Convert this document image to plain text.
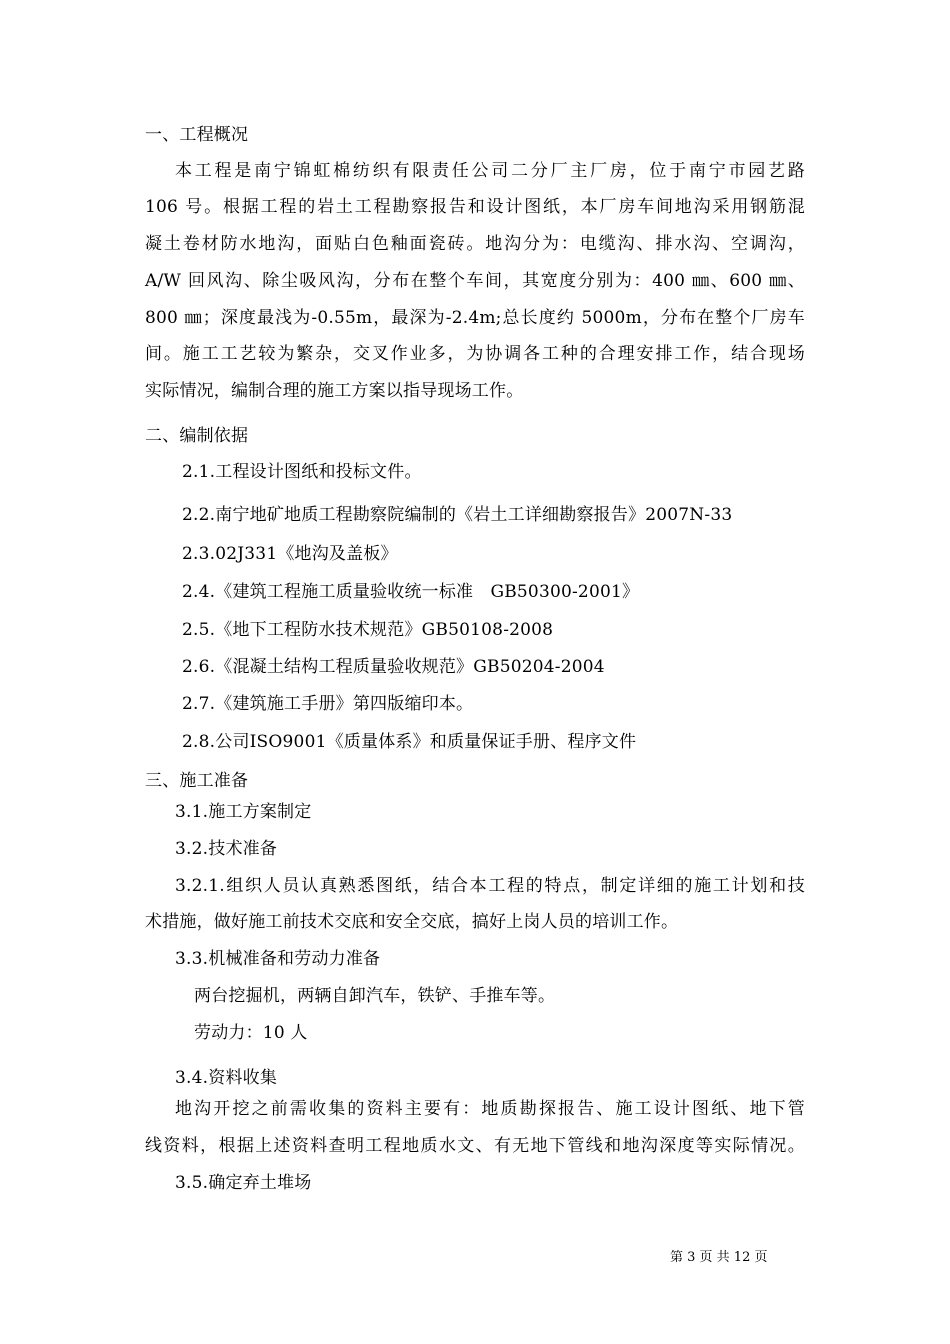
一、工程概况
本工程是南宁锦虹棉纺织有限责任公司二分厂主厂房，位于南宁市园艺路
106 号。根据工程的岩土工程勘察报告和设计图纸，本厂房车间地沟采用钢筋混
凝土卷材防水地沟，面贴白色釉面瓷砖。地沟分为：电缆沟、排水沟、空调沟，
A/W 回风沟、除尘吸风沟，分布在整个车间，其宽度分别为：400 ㎜、600 ㎜、
800 ㎜；深度最浅为-0.55m，最深为-2.4m;总长度约 5000m，分布在整个厂房车
间。施工工艺较为繁杂，交叉作业多，为协调各工种的合理安排工作，结合现场
实际情况，编制合理的施工方案以指导现场工作。
二、编制依据
2.1.工程设计图纸和投标文件。
2.2.南宁地矿地质工程勘察院编制的《岩土工详细勘察报告》2007N-33
2.3.02J331《地沟及盖板》
2.4.《建筑工程施工质量验收统一标准　GB50300-2001》
2.5.《地下工程防水技术规范》GB50108-2008
2.6.《混凝土结构工程质量验收规范》GB50204-2004
2.7.《建筑施工手册》第四版缩印本。
2.8.公司ISO9001《质量体系》和质量保证手册、程序文件
三、施工准备
3.1.施工方案制定
3.2.技术准备
3.2.1.组织人员认真熟悉图纸，结合本工程的特点，制定详细的施工计划和技
术措施，做好施工前技术交底和安全交底，搞好上岗人员的培训工作。
3.3.机械准备和劳动力准备
两台挖掘机，两辆自卸汽车，铁铲、手推车等。
劳动力：10 人
3.4.资料收集
地沟开挖之前需收集的资料主要有：地质勘探报告、施工设计图纸、地下管
线资料，根据上述资料查明工程地质水文、有无地下管线和地沟深度等实际情况。
3.5.确定弃土堆场
第 3 页 共 12 页
